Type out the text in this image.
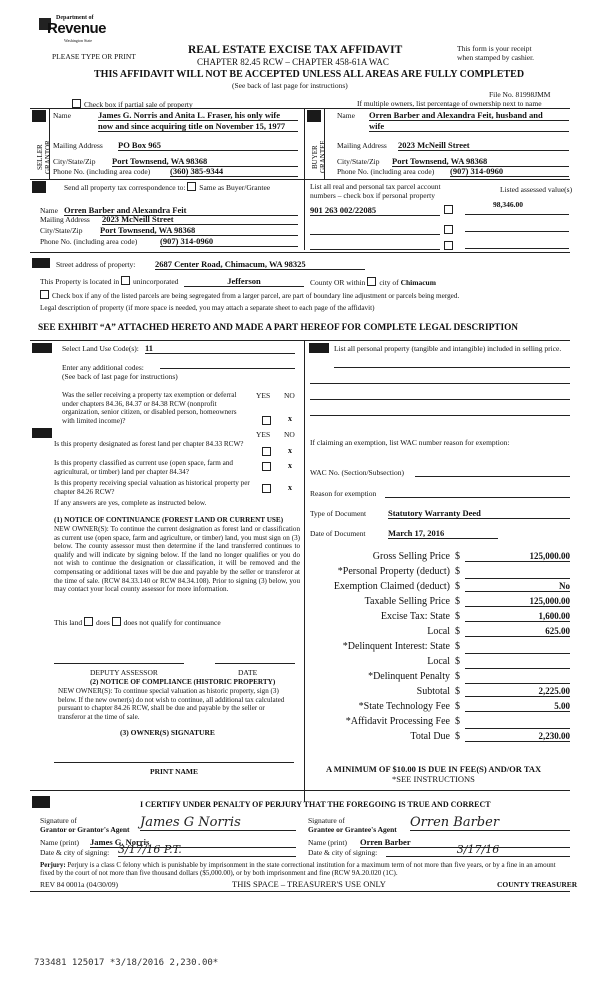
Department of
Revenue
Washington State
PLEASE TYPE OR PRINT
REAL ESTATE EXCISE TAX AFFIDAVIT
CHAPTER 82.45 RCW – CHAPTER 458-61A WAC
THIS AFFIDAVIT WILL NOT BE ACCEPTED UNLESS ALL AREAS ARE FULLY COMPLETED
(See back of last page for instructions)
This form is your receipt
when stamped by cashier.
File No. 81998JMM
Check box if partial sale of property	If multiple owners, list percentage of ownership next to name
SELLER GRANTOR
Name	James G. Norris and Anita L. Fraser, his only wife
now and since acquiring title on November 15, 1977
Mailing Address PO Box 965
City/State/Zip Port Townsend, WA 98368
Phone No. (including area code) (360) 385-9344
BUYER GRANTEE
Name Orren Barber and Alexandra Feit, husband and
wife
Mailing Address 2023 McNeill Street
City/State/Zip Port Townsend, WA 98368
Phone No. (including area code) (907) 314-0960
Send all property tax correspondence to: Same as Buyer/Grantee
Name Orren Barber and Alexandra Feit
Mailing Address 2023 McNeill Street
City/State/Zip Port Townsend, WA 98368
Phone No. (including area code)	(907) 314-0960
List all real and personal tax parcel account
numbers – check box if personal property
Listed assessed value(s)
98,346.00
901 263 002/22085
Street address of property: 2687 Center Road, Chimacum, WA 98325
This Property is located in unincorporated	Jefferson	County OR within city of Chimacum
Check box if any of the listed parcels are being segregated from a larger parcel, are part of boundary line adjustment or parcels being merged.
Legal description of property (if more space is needed, you may attach a separate sheet to each page of the affidavit)
SEE EXHIBIT “A” ATTACHED HERETO AND MADE A PART HEREOF FOR COMPLETE LEGAL DESCRIPTION
Select Land Use Code(s): 11
Enter any additional codes:
(See back of last page for instructions)
YES NO
Was the seller receiving a property tax exemption or deferral under chapters 84.36, 84.37 or 84.38 RCW (nonprofit organization, senior citizen, or disabled person, homeowners with limited income)?	x
YES NO
Is this property designated as forest land per chapter 84.33 RCW?
x
Is this property classified as current use (open space, farm and agricultural, or timber) land per chapter 84.34?
x
Is this property receiving special valuation as historical property per chapter 84.26 RCW?	x
If any answers are yes, complete as instructed below.
(1) NOTICE OF CONTINUANCE (FOREST LAND OR CURRENT USE)
NEW OWNER(S): To continue the current designation as forest land or classification as current use (open space, farm and agriculture, or timber) land, you must sign on (3) below. The county assessor must then determine if the land transferred continues to qualify and will indicate by signing below. If the land no longer qualifies or you do not wish to continue the designation or classification, it will be removed and the compensating or additional taxes will be due and payable by the seller or transferor at the time of sale. (RCW 84.33.140 or RCW 84.34.108). Prior to signing (3) below, you may contact your local county assessor for more information.
This land does does not qualify for continuance
DEPUTY ASSESSOR	DATE
(2) NOTICE OF COMPLIANCE (HISTORIC PROPERTY)
NEW OWNER(S): To continue special valuation as historic property, sign (3) below. If the new owner(s) do not wish to continue, all additional tax calculated pursuant to chapter 84.26 RCW, shall be due and payable by the seller or transferor at the time of sale.
(3) OWNER(S) SIGNATURE
PRINT NAME
List all personal property (tangible and intangible) included in selling price.
If claiming an exemption, list WAC number reason for exemption:
WAC No. (Section/Subsection)
Reason for exemption
Type of Document	Statutory Warranty Deed
Date of Document	March 17, 2016
Gross Selling Price $	125,000.00
*Personal Property (deduct) $
Exemption Claimed (deduct) $	No
Taxable Selling Price $	125,000.00
Excise Tax: State $	1,600.00
Local $	625.00
*Delinquent Interest: State $
Local $
*Delinquent Penalty $
Subtotal $	2,225.00
*State Technology Fee $	5.00
*Affidavit Processing Fee $
Total Due $	2,230.00
A MINIMUM OF $10.00 IS DUE IN FEE(S) AND/OR TAX
*SEE INSTRUCTIONS
I CERTIFY UNDER PENALTY OF PERJURY THAT THE FOREGOING IS TRUE AND CORRECT
Signature of
Grantor or Grantor's Agent James G Norris
Name (print) James G. Norris
Date & city of signing: 3/17/16 P.T.
Signature of
Grantee or Grantee's Agent Orren Barber
Name (print) Orren Barber
Date & city of signing:	3/17/16
Perjury: Perjury is a class C felony which is punishable by imprisonment in the state correctional institution for a maximum term of not more than five years, or by a fine in an amount fixed by the court of not more than five thousand dollars ($5,000.00), or by both imprisonment and fine (RCW 9A.20.020 (1C).
REV 84 0001a (04/30/09)	THIS SPACE – TREASURER'S USE ONLY	COUNTY TREASURER
733481 125017 *3/18/2016 2,230.00*
